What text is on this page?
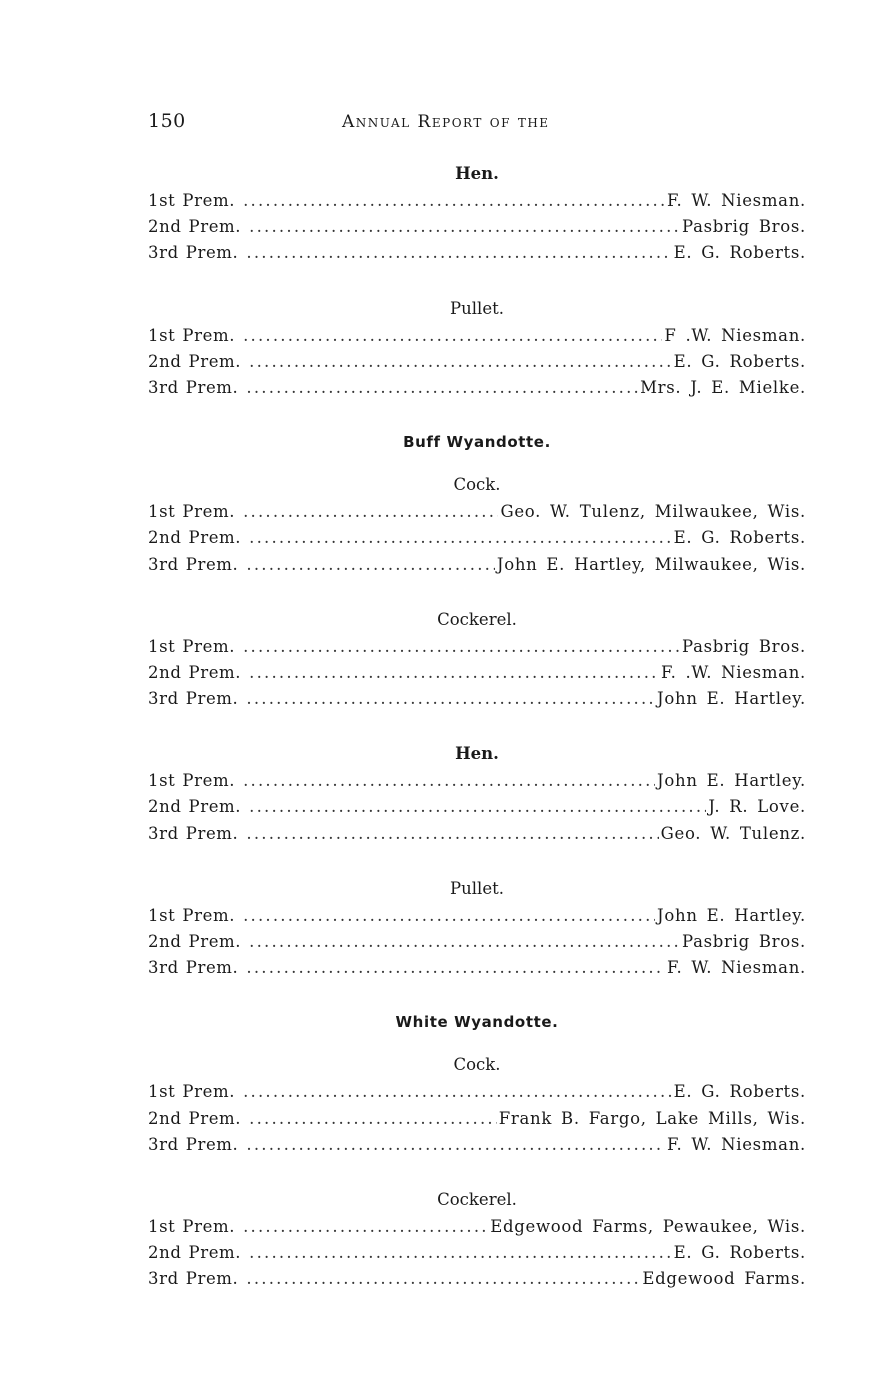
150	Annual Report of the
Hen.
1st Prem. .....	F. W. Niesman.
2nd Prem. .....	Pasbrig Bros.
3rd Prem. .....	E. G. Roberts.
Pullet.
1st Prem. .....	F .W. Niesman.
2nd Prem. .....	E. G. Roberts.
3rd Prem. .....	Mrs. J. E. Mielke.
Buff Wyandotte.
Cock.
1st Prem. .....	Geo. W. Tulenz, Milwaukee, Wis.
2nd Prem. .....	E. G. Roberts.
3rd Prem. .....	John E. Hartley, Milwaukee, Wis.
Cockerel.
1st Prem. .....	Pasbrig Bros.
2nd Prem. .....	F. .W. Niesman.
3rd Prem. .....	John E. Hartley.
Hen.
1st Prem. .....	John E. Hartley.
2nd Prem. .....	J. R. Love.
3rd Prem. .....	Geo. W. Tulenz.
Pullet.
1st Prem. .....	John E. Hartley.
2nd Prem. .....	Pasbrig Bros.
3rd Prem. .....	F. W. Niesman.
White Wyandotte.
Cock.
1st Prem. .....	E. G. Roberts.
2nd Prem. .....	Frank B. Fargo, Lake Mills, Wis.
3rd Prem. .....	F. W. Niesman.
Cockerel.
1st Prem. .....	Edgewood Farms, Pewaukee, Wis.
2nd Prem. .....	E. G. Roberts.
3rd Prem. .....	Edgewood Farms.
